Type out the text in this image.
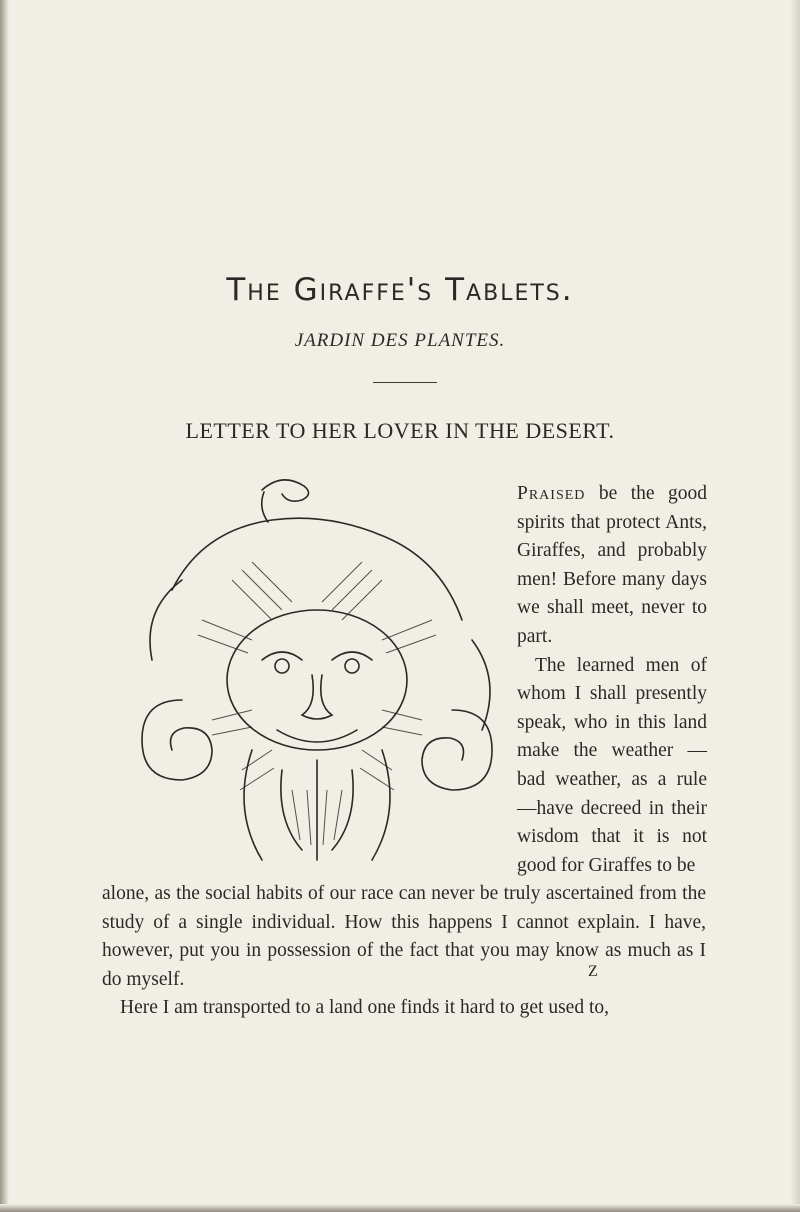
The Giraffe's Tablets.
JARDIN DES PLANTES.
LETTER TO HER LOVER IN THE DESERT.

Praised be the good spirits that protect Ants, Giraffes, and probably men! Before many days we shall meet, never to part.

The learned men of whom I shall presently speak, who in this land make the weather — bad weather, as a rule —have decreed in their wisdom that it is not good for Giraffes to be

alone, as the social habits of our race can never be truly ascertained from the study of a single individual. How this happens I cannot explain. I have, however, put you in possession of the fact that you may know as much as I do myself.

Here I am transported to a land one finds it hard to get used to,

Z
